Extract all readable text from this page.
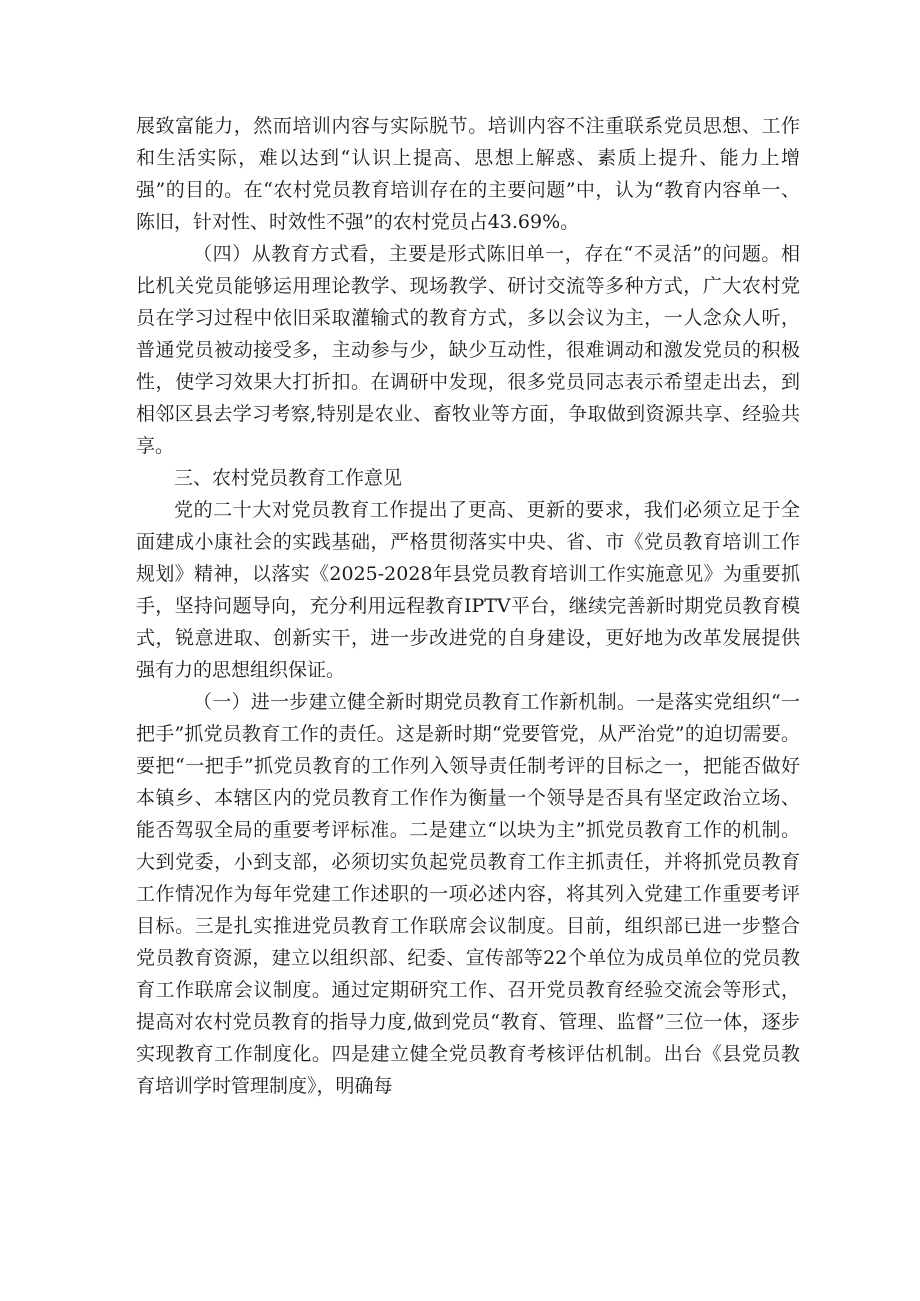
展致富能力，然而培训内容与实际脱节。培训内容不注重联系党员思想、工作和生活实际，难以达到“认识上提高、思想上解惑、素质上提升、能力上增强”的目的。在“农村党员教育培训存在的主要问题”中，认为“教育内容单一、陈旧，针对性、时效性不强”的农村党员占43.69%。

（四）从教育方式看，主要是形式陈旧单一，存在“不灵活”的问题。相比机关党员能够运用理论教学、现场教学、研讨交流等多种方式，广大农村党员在学习过程中依旧采取灌输式的教育方式，多以会议为主，一人念众人听，普通党员被动接受多，主动参与少，缺少互动性，很难调动和激发党员的积极性，使学习效果大打折扣。在调研中发现，很多党员同志表示希望走出去，到相邻区县去学习考察,特别是农业、畜牧业等方面，争取做到资源共享、经验共享。

三、农村党员教育工作意见

党的二十大对党员教育工作提出了更高、更新的要求，我们必须立足于全面建成小康社会的实践基础，严格贯彻落实中央、省、市《党员教育培训工作规划》精神，以落实《2025-2028年县党员教育培训工作实施意见》为重要抓手，坚持问题导向，充分利用远程教育IPTV平台，继续完善新时期党员教育模式，锐意进取、创新实干，进一步改进党的自身建设，更好地为改革发展提供强有力的思想组织保证。

（一）进一步建立健全新时期党员教育工作新机制。一是落实党组织“一把手”抓党员教育工作的责任。这是新时期“党要管党，从严治党”的迫切需要。要把“一把手”抓党员教育的工作列入领导责任制考评的目标之一，把能否做好本镇乡、本辖区内的党员教育工作作为衡量一个领导是否具有坚定政治立场、能否驾驭全局的重要考评标准。二是建立“以块为主”抓党员教育工作的机制。大到党委，小到支部，必须切实负起党员教育工作主抓责任，并将抓党员教育工作情况作为每年党建工作述职的一项必述内容，将其列入党建工作重要考评目标。三是扎实推进党员教育工作联席会议制度。目前，组织部已进一步整合党员教育资源，建立以组织部、纪委、宣传部等22个单位为成员单位的党员教育工作联席会议制度。通过定期研究工作、召开党员教育经验交流会等形式，提高对农村党员教育的指导力度,做到党员“教育、管理、监督”三位一体，逐步实现教育工作制度化。四是建立健全党员教育考核评估机制。出台《县党员教育培训学时管理制度》，明确每
